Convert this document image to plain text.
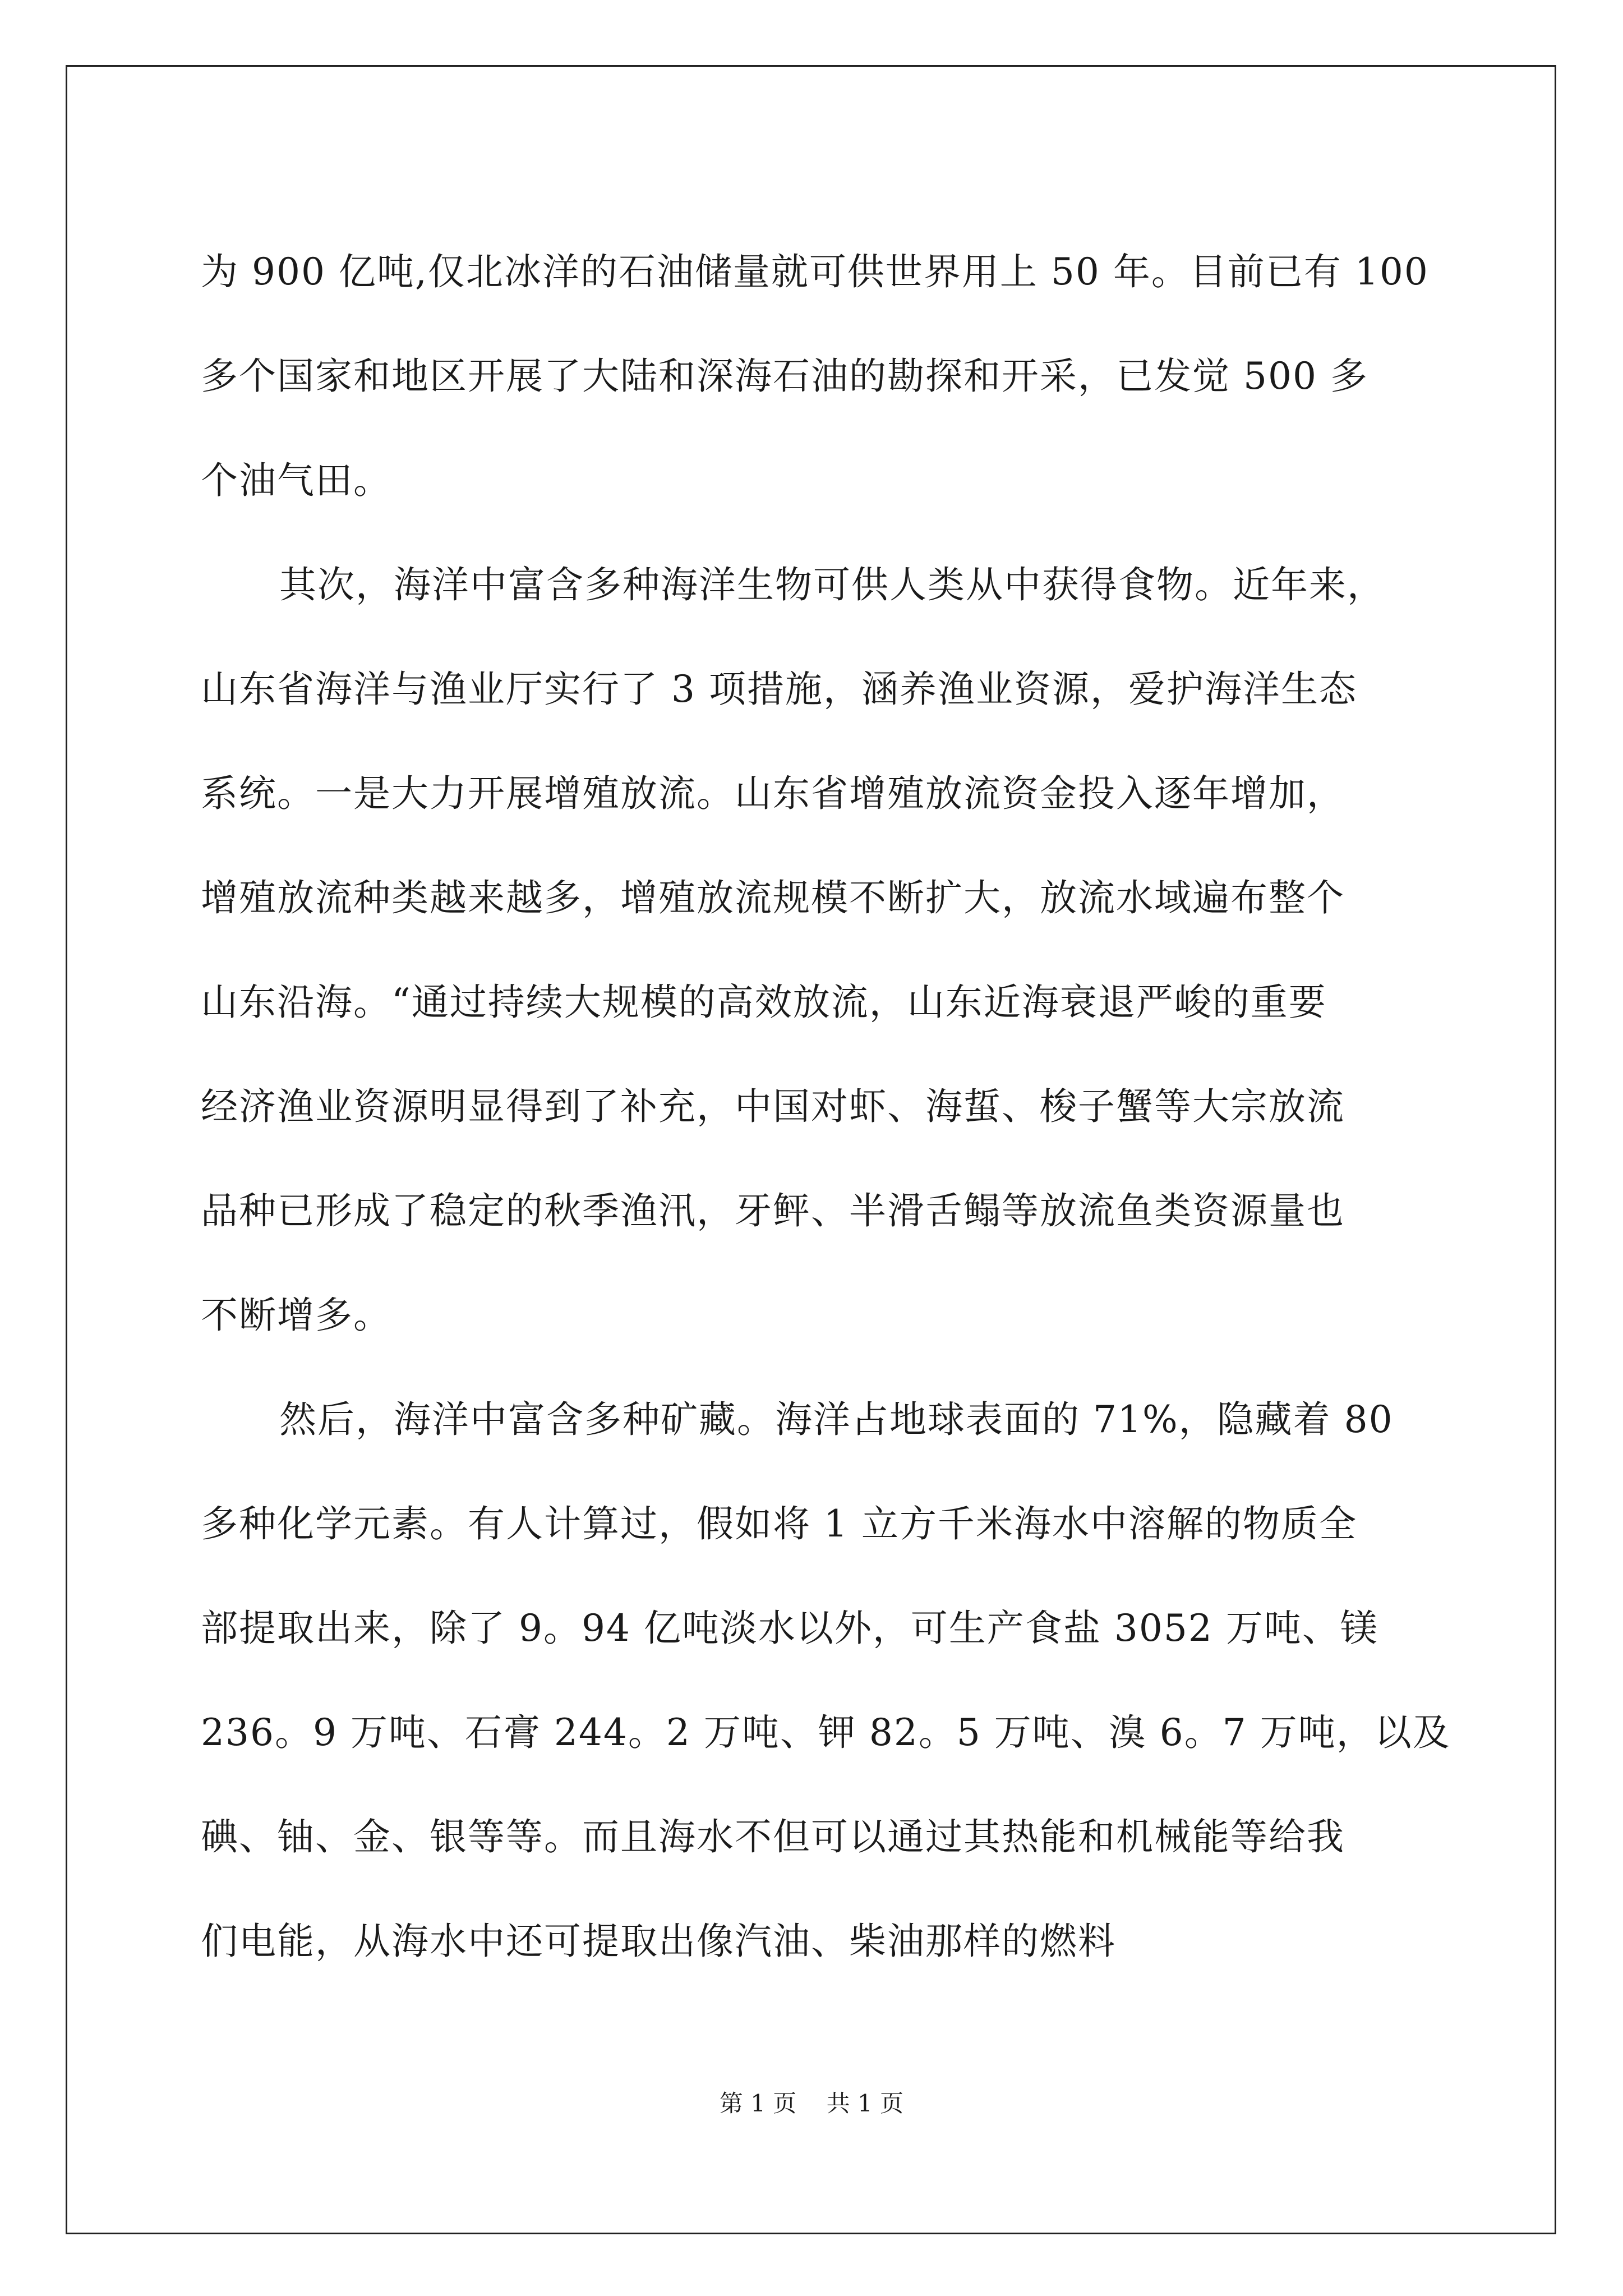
为 900 亿吨,仅北冰洋的石油储量就可供世界用上 50 年。目前已有 100
多个国家和地区开展了大陆和深海石油的勘探和开采，已发觉 500 多
个油气田。
其次，海洋中富含多种海洋生物可供人类从中获得食物。近年来，
山东省海洋与渔业厅实行了 3 项措施，涵养渔业资源，爱护海洋生态
系统。一是大力开展增殖放流。山东省增殖放流资金投入逐年增加，
增殖放流种类越来越多，增殖放流规模不断扩大，放流水域遍布整个
山东沿海。“通过持续大规模的高效放流，山东近海衰退严峻的重要
经济渔业资源明显得到了补充，中国对虾、海蜇、梭子蟹等大宗放流
品种已形成了稳定的秋季渔汛，牙鲆、半滑舌鳎等放流鱼类资源量也
不断增多。
然后，海洋中富含多种矿藏。海洋占地球表面的 71%，隐藏着 80
多种化学元素。有人计算过，假如将 1 立方千米海水中溶解的物质全
部提取出来，除了 9。94 亿吨淡水以外，可生产食盐 3052 万吨、镁
236。9 万吨、石膏 244。2 万吨、钾 82。5 万吨、溴 6。7 万吨，以及
碘、铀、金、银等等。而且海水不但可以通过其热能和机械能等给我
们电能，从海水中还可提取出像汽油、柴油那样的燃料
第 1 页 共 1 页
